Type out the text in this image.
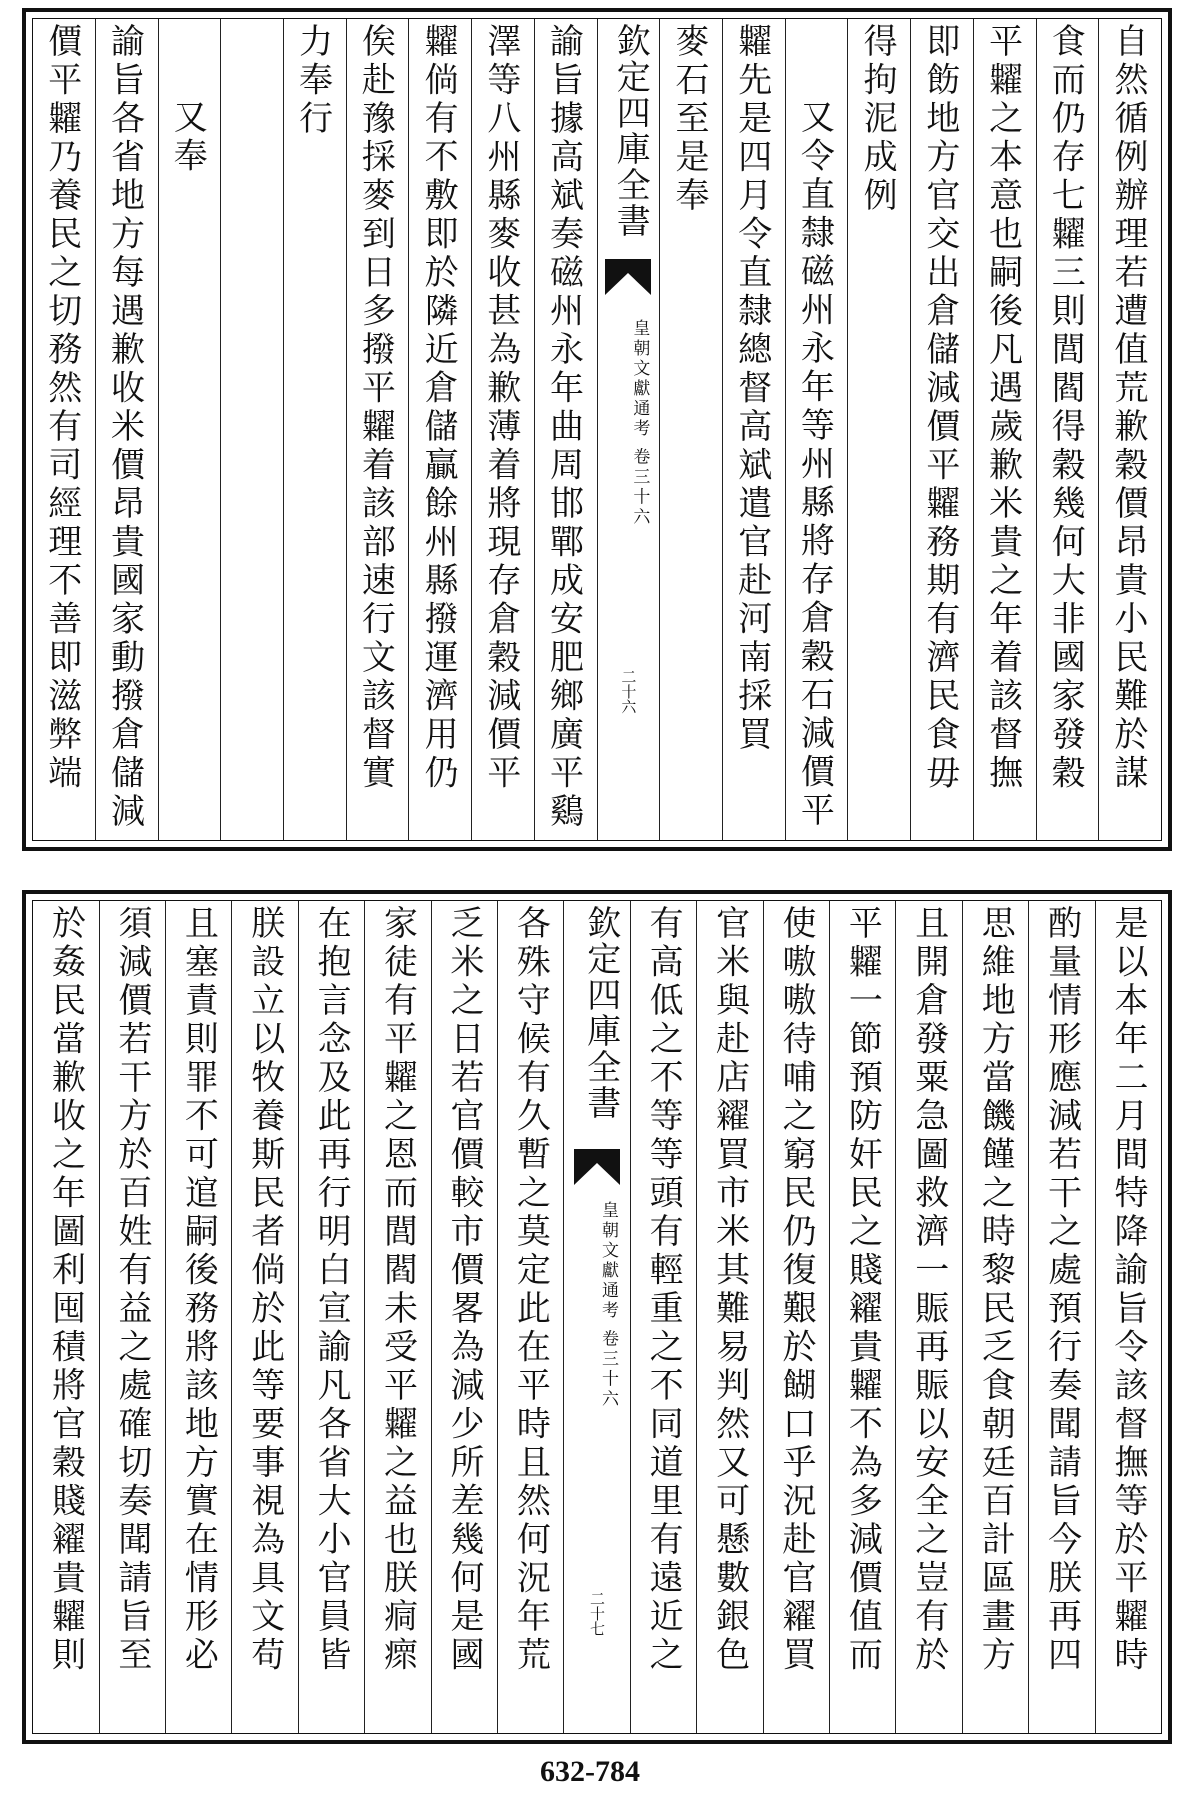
自然循例辦理若遭值荒歉穀價昂貴小民難於謀
食而仍存七糶三則閭閻得穀幾何大非國家發穀
平糶之本意也嗣後凡遇歲歉米貴之年着該督撫
即飭地方官交出倉儲減價平糶務期有濟民食毋
得拘泥成例
又令直隸磁州永年等州縣將存倉穀石減價平
糶先是四月令直隸總督高斌遣官赴河南採買
麥石至是奉
欽定四庫全書
皇朝文獻通考 卷三十六
二十六
諭旨據高斌奏磁州永年曲周邯鄲成安肥鄉廣平鷄
澤等八州縣麥收甚為歉薄着將現存倉穀減價平
糶倘有不敷即於隣近倉儲贏餘州縣撥運濟用仍
俟赴豫採麥到日多撥平糶着該部速行文該督實
力奉行
又奉
諭旨各省地方每遇歉收米價昂貴國家動撥倉儲減
價平糶乃養民之切務然有司經理不善即滋弊端
是以本年二月間特降諭旨令該督撫等於平糶時
酌量情形應減若干之處預行奏聞請旨今朕再四
思維地方當饑饉之時黎民乏食朝廷百計區畫方
且開倉發粟急圖救濟一賑再賑以安全之豈有於
平糶一節預防奸民之賤糴貴糶不為多減價值而
使嗷嗷待哺之窮民仍復艱於餬口乎況赴官糴買
官米與赴店糴買市米其難易判然又可懸數銀色
有高低之不等等頭有輕重之不同道里有遠近之
欽定四庫全書
皇朝文獻通考 卷三十六
二十七
各殊守候有久暫之莫定此在平時且然何況年荒
乏米之日若官價較市價畧為減少所差幾何是國
家徒有平糶之恩而閭閻未受平糶之益也朕痌瘝
在抱言念及此再行明白宣諭凡各省大小官員皆
朕設立以牧養斯民者倘於此等要事視為具文苟
且塞責則罪不可逭嗣後務將該地方實在情形必
須減價若干方於百姓有益之處確切奏聞請旨至
於姦民當歉收之年圖利囤積將官穀賤糴貴糶則
632-784
